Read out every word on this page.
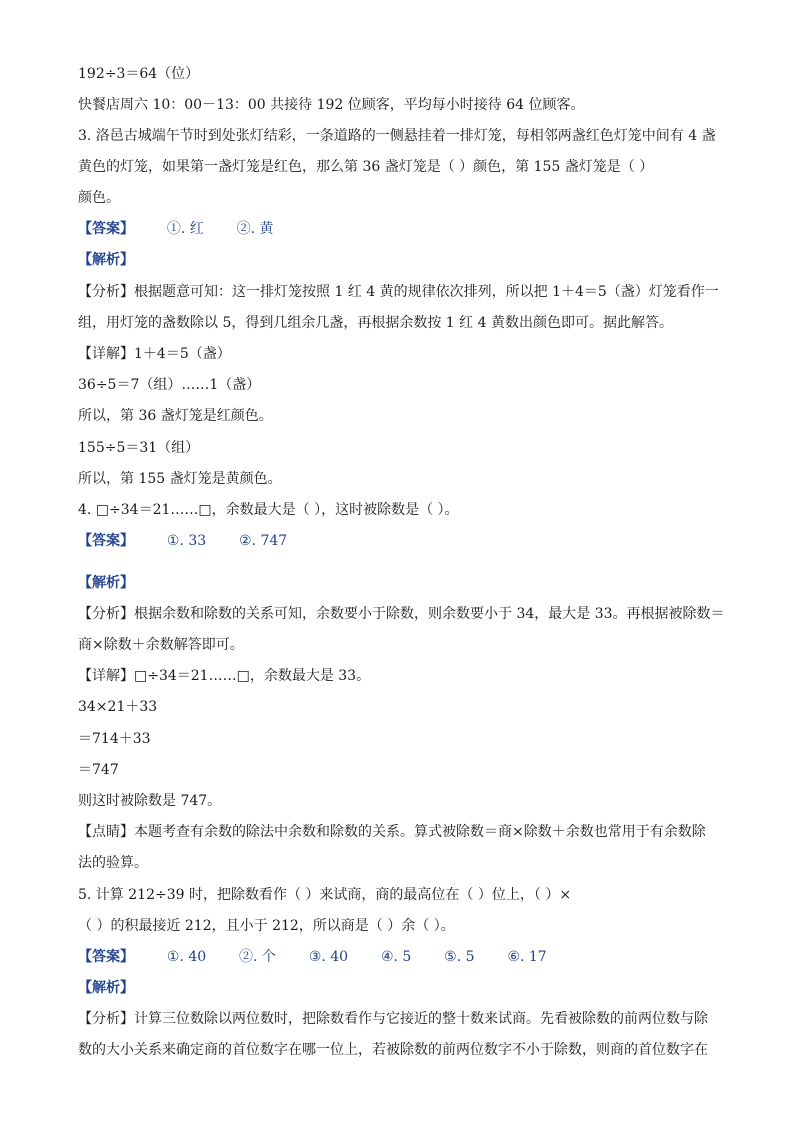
192÷3＝64（位）
快餐店周六 10：00－13：00 共接待 192 位顾客，平均每小时接待 64 位顾客。
3. 洛邑古城端午节时到处张灯结彩，一条道路的一侧悬挂着一排灯笼，每相邻两盏红色灯笼中间有 4 盏
黄色的灯笼，如果第一盏灯笼是红色，那么第 36 盏灯笼是（ ）颜色，第 155 盏灯笼是（ ）
颜色。
【答案】 ①. 红 ②. 黄
【解析】
【分析】根据题意可知：这一排灯笼按照 1 红 4 黄的规律依次排列，所以把 1＋4＝5（盏）灯笼看作一
组，用灯笼的盏数除以 5，得到几组余几盏，再根据余数按 1 红 4 黄数出颜色即可。据此解答。
【详解】1＋4＝5（盏）
36÷5＝7（组）……1（盏）
所以，第 36 盏灯笼是红颜色。
155÷5＝31（组）
所以，第 155 盏灯笼是黄颜色。
4. □÷34＝21……□，余数最大是（ ），这时被除数是（ ）。
【答案】 ①. 33 ②. 747
【解析】
【分析】根据余数和除数的关系可知，余数要小于除数，则余数要小于 34，最大是 33。再根据被除数＝
商×除数＋余数解答即可。
【详解】□÷34＝21……□，余数最大是 33。
34×21＋33
＝714＋33
＝747
则这时被除数是 747。
【点睛】本题考查有余数的除法中余数和除数的关系。算式被除数＝商×除数＋余数也常用于有余数除
法的验算。
5. 计算 212÷39 时，把除数看作（ ）来试商，商的最高位在（ ）位上，（ ）×
（ ）的积最接近 212，且小于 212，所以商是（ ）余（ ）。
【答案】 ①. 40 ②. 个 ③. 40 ④. 5 ⑤. 5 ⑥. 17
【解析】
【分析】计算三位数除以两位数时，把除数看作与它接近的整十数来试商。先看被除数的前两位数与除
数的大小关系来确定商的首位数字在哪一位上，若被除数的前两位数字不小于除数，则商的首位数字在
